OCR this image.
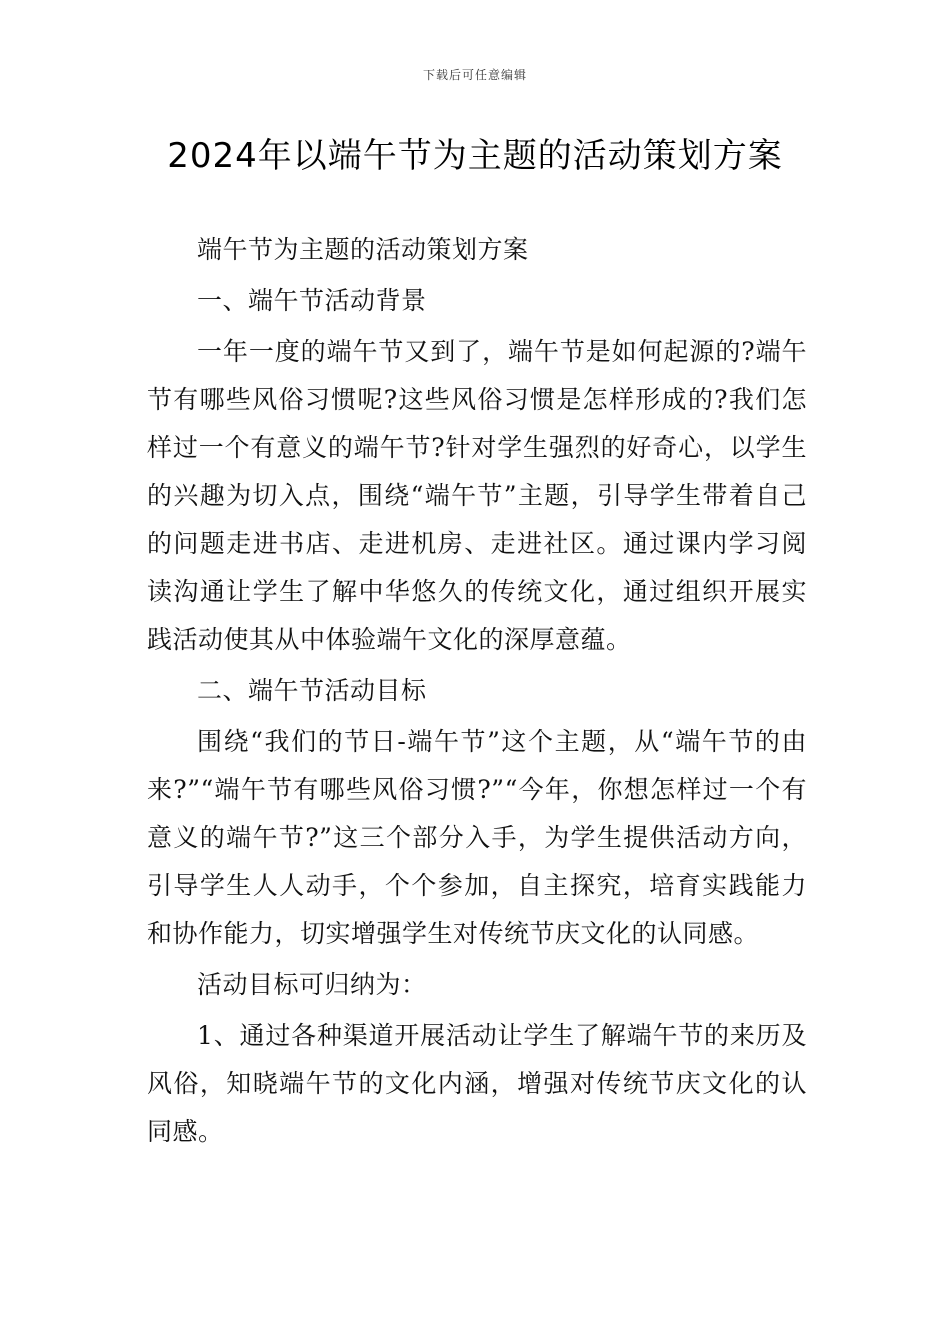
下载后可任意编辑
2024年以端午节为主题的活动策划方案

端午节为主题的活动策划方案

一、端午节活动背景

一年一度的端午节又到了，端午节是如何起源的?端午节有哪些风俗习惯呢?这些风俗习惯是怎样形成的?我们怎样过一个有意义的端午节?针对学生强烈的好奇心，以学生的兴趣为切入点，围绕“端午节”主题，引导学生带着自己的问题走进书店、走进机房、走进社区。通过课内学习阅读沟通让学生了解中华悠久的传统文化，通过组织开展实践活动使其从中体验端午文化的深厚意蕴。

二、端午节活动目标

围绕“我们的节日-端午节”这个主题，从“端午节的由来?”“端午节有哪些风俗习惯?”“今年，你想怎样过一个有意义的端午节?”这三个部分入手，为学生提供活动方向，引导学生人人动手，个个参加，自主探究，培育实践能力和协作能力，切实增强学生对传统节庆文化的认同感。

活动目标可归纳为：

1、通过各种渠道开展活动让学生了解端午节的来历及风俗，知晓端午节的文化内涵，增强对传统节庆文化的认同感。
